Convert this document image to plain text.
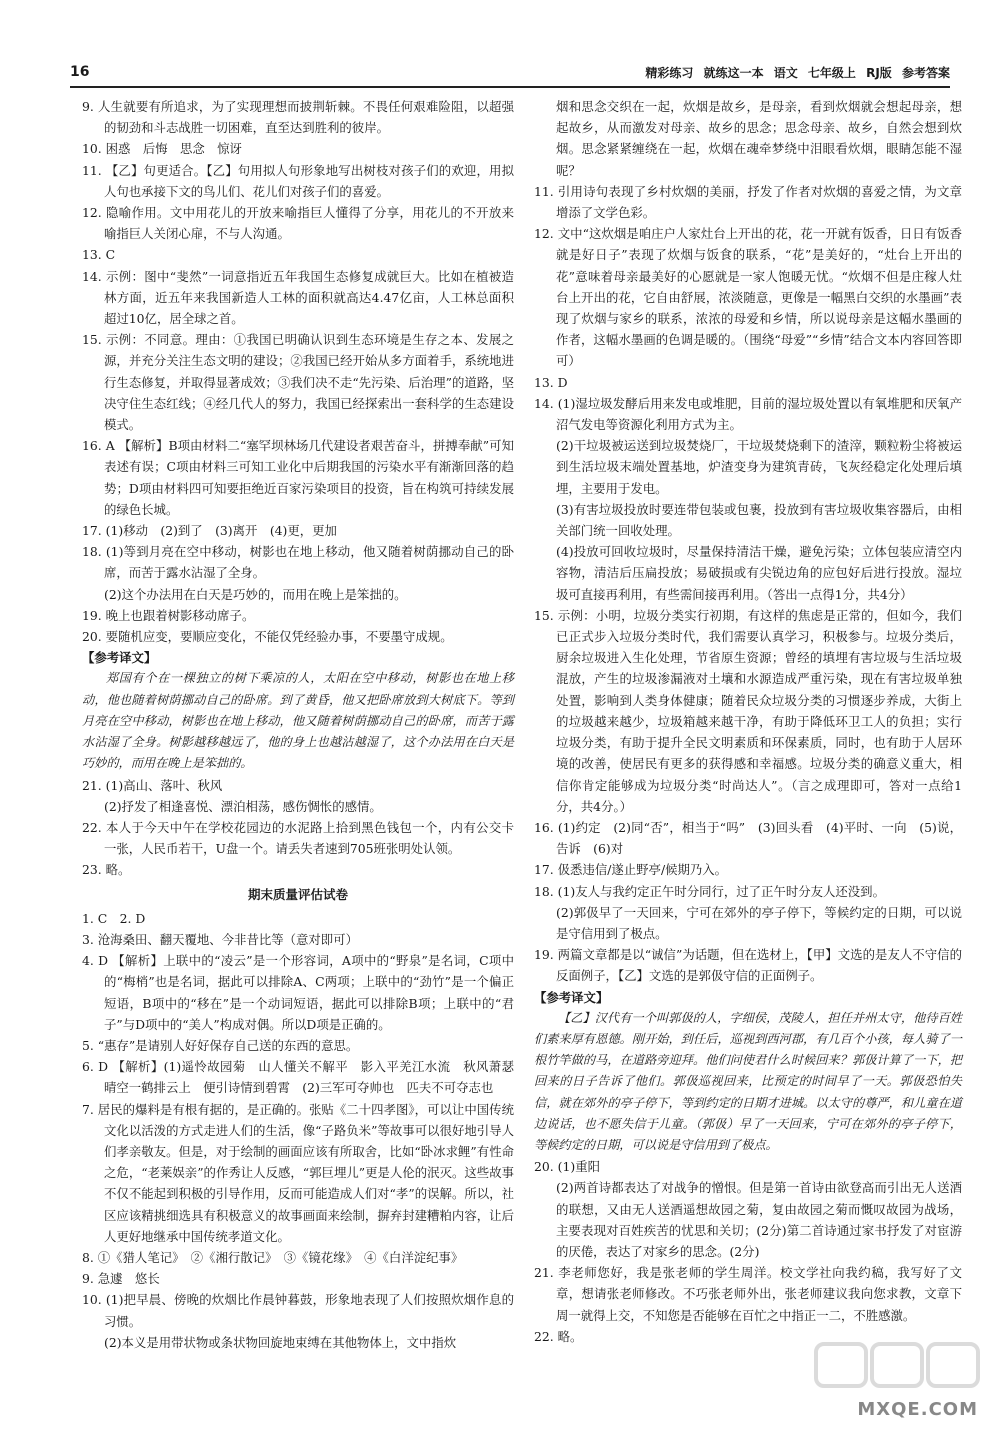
16	精彩练习 就练这一本 语文 七年级上 RJ版 参考答案

9. 人生就要有所追求，为了实现理想而披荆斩棘。不畏任何艰难险阻，以超强的韧劲和斗志战胜一切困难，直至达到胜利的彼岸。

10. 困惑　后悔　思念　惊讶

11. 【乙】句更适合。【乙】句用拟人句形象地写出树枝对孩子们的欢迎，用拟人句也承接下文的鸟儿们、花儿们对孩子们的喜爱。

12. 隐喻作用。文中用花儿的开放来喻指巨人懂得了分享，用花儿的不开放来喻指巨人关闭心扉，不与人沟通。

13. C

14. 示例：图中“斐然”一词意指近五年我国生态修复成就巨大。比如在植被造林方面，近五年来我国新造人工林的面积就高达4.47亿亩，人工林总面积超过10亿，居全球之首。

15. 示例：不同意。理由：①我国已明确认识到生态环境是生存之本、发展之源，并充分关注生态文明的建设；②我国已经开始从多方面着手，系统地进行生态修复，并取得显著成效；③我们决不走“先污染、后治理”的道路，坚决守住生态红线；④经几代人的努力，我国已经探索出一套科学的生态建设模式。

16. A 【解析】B项由材料二“塞罕坝林场几代建设者艰苦奋斗，拼搏奉献”可知表述有误；C项由材料三可知工业化中后期我国的污染水平有渐渐回落的趋势；D项由材料四可知要拒绝近百家污染项目的投资，旨在构筑可持续发展的绿色长城。

17. (1)移动　(2)到了　(3)离开　(4)更，更加

18. (1)等到月亮在空中移动，树影也在地上移动，他又随着树荫挪动自己的卧席，而苦于露水沾湿了全身。

(2)这个办法用在白天是巧妙的，而用在晚上是笨拙的。

19. 晚上也跟着树影移动席子。

20. 要随机应变，要顺应变化，不能仅凭经验办事，不要墨守成规。

【参考译文】

郑国有个在一棵独立的树下乘凉的人，太阳在空中移动，树影也在地上移动，他也随着树荫挪动自己的卧席。到了黄昏，他又把卧席放到大树底下。等到月亮在空中移动，树影也在地上移动，他又随着树荫挪动自己的卧席，而苦于露水沾湿了全身。树影越移越远了，他的身上也越沾越湿了，这个办法用在白天是巧妙的，而用在晚上是笨拙的。

21. (1)高山、落叶、秋风

(2)抒发了相逢喜悦、漂泊相荡，感伤惆怅的感情。

22. 本人于今天中午在学校花园边的水泥路上拾到黑色钱包一个，内有公交卡一张，人民币若干，U盘一个。请丢失者速到705班张明处认领。

23. 略。

期末质量评估试卷

1. C　2. D

3. 沧海桑田、翻天覆地、今非昔比等（意对即可）

4. D 【解析】上联中的“凌云”是一个形容词，A项中的“野泉”是名词，C项中的“梅梢”也是名词，据此可以排除A、C两项；上联中的“劲竹”是一个偏正短语，B项中的“移在”是一个动词短语，据此可以排除B项；上联中的“君子”与D项中的“美人”构成对偶。所以D项是正确的。

5. “惠存”是请别人好好保存自己送的东西的意思。

6. D 【解析】(1)遥怜故园菊　山人懂关不解平　影入平羌江水流　秋风萧瑟　晴空一鹤排云上　便引诗情到碧霄　(2)三军可夺帅也　匹夫不可夺志也

7. 居民的爆料是有根有据的，是正确的。张贴《二十四孝图》，可以让中国传统文化以活泼的方式走进人们的生活，像“子路负米”等故事可以很好地引导人们孝亲敬友。但是，对于绘制的画面应该有所取舍，比如“卧冰求鲤”有性命之危，“老莱娱亲”的作秀让人反感，“郭巨埋儿”更是人伦的泯灭。这些故事不仅不能起到积极的引导作用，反而可能造成人们对“孝”的误解。所以，社区应该精挑细选具有积极意义的故事画面来绘制，摒弃封建糟粕内容，让后人更好地继承中国传统孝道文化。

8. ①《猎人笔记》　②《湘行散记》　③《镜花缘》　④《白洋淀纪事》

9. 急遽　悠长

10. (1)把早晨、傍晚的炊烟比作晨钟暮鼓，形象地表现了人们按照炊烟作息的习惯。

(2)本义是用带状物或条状物回旋地束缚在其他物体上，文中指炊

烟和思念交织在一起，炊烟是故乡，是母亲，看到炊烟就会想起母亲，想起故乡，从而激发对母亲、故乡的思念；思念母亲、故乡，自然会想到炊烟。思念紧紧缠绕在一起，炊烟在魂牵梦绕中泪眼看炊烟，眼睛怎能不湿呢？

11. 引用诗句表现了乡村炊烟的美丽，抒发了作者对炊烟的喜爱之情，为文章增添了文学色彩。

12. 文中“这炊烟是咱庄户人家灶台上开出的花，花一开就有饭香，日日有饭香就是好日子”表现了炊烟与饭食的联系，“花”是美好的，“灶台上开出的花”意味着母亲最美好的心愿就是一家人饱暖无忧。“炊烟不但是庄稼人灶台上开出的花，它自由舒展，浓淡随意，更像是一幅黑白交织的水墨画”表现了炊烟与家乡的联系，浓浓的母爱和乡情，所以说母亲是这幅水墨画的作者，这幅水墨画的色调是暖的。（围绕“母爱”“乡情”结合文本内容回答即可）

13. D

14. (1)湿垃圾发酵后用来发电或堆肥，目前的湿垃圾处置以有氧堆肥和厌氧产沼气发电等资源化利用方式为主。

(2)干垃圾被运送到垃圾焚烧厂，干垃圾焚烧剩下的渣滓，颗粒粉尘将被运到生活垃圾末端处置基地，炉渣变身为建筑青砖，飞灰经稳定化处理后填埋，主要用于发电。

(3)有害垃圾投放时要连带包装或包裹，投放到有害垃圾收集容器后，由相关部门统一回收处理。

(4)投放可回收垃圾时，尽量保持清洁干燥，避免污染；立体包装应清空内容物，清洁后压扁投放；易破损或有尖锐边角的应包好后进行投放。湿垃圾可直接再利用，有些需间接再利用。（答出一点得1分，共4分）

15. 示例：小明，垃圾分类实行初期，有这样的焦虑是正常的，但如今，我们已正式步入垃圾分类时代，我们需要认真学习，积极参与。垃圾分类后，厨余垃圾进入生化处理，节省原生资源；曾经的填埋有害垃圾与生活垃圾混放，产生的垃圾渗漏液对土壤和水源造成严重污染，现在有害垃圾单独处置，影响到人类身体健康；随着民众垃圾分类的习惯逐步养成，大街上的垃圾越来越少，垃圾箱越来越干净，有助于降低环卫工人的负担；实行垃圾分类，有助于提升全民文明素质和环保素质，同时，也有助于人居环境的改善，使居民有更多的获得感和幸福感。垃圾分类的确意义重大，相信你肯定能够成为垃圾分类“时尚达人”。（言之成理即可，答对一点给1分，共4分。）

16. (1)约定　(2)同“否”，相当于“吗”　(3)回头看　(4)平时、一向　(5)说，告诉　(6)对

17. 伋悉违信/遂止野亭/候期乃入。

18. (1)友人与我约定正午时分同行，过了正午时分友人还没到。

(2)郭伋早了一天回来，宁可在郊外的亭子停下，等候约定的日期，可以说是守信用到了极点。

19. 两篇文章都是以“诚信”为话题，但在选材上，【甲】文选的是友人不守信的反面例子，【乙】文选的是郭伋守信的正面例子。

【参考译文】

【乙】汉代有一个叫郭伋的人，字细侯，茂陵人，担任并州太守，他待百姓们素来厚有恩德。刚开始，到任后，巡视到西河郡，有几百个小孩，每人骑了一根竹竿做的马，在道路旁迎拜。他们问使君什么时候回来？郭伋计算了一下，把回来的日子告诉了他们。郭伋巡视回来，比预定的时间早了一天。郭伋恐怕失信，就在郊外的亭子停下，等到约定的日期才进城。以太守的尊严，和儿童在道边说话，也不愿失信于儿童。（郭伋）早了一天回来，宁可在郊外的亭子停下，等候约定的日期，可以说是守信用到了极点。

20. (1)重阳

(2)两首诗都表达了对战争的憎恨。但是第一首诗由欲登高而引出无人送酒的联想，又由无人送酒遥想故园之菊，复由故园之菊而慨叹故园为战场，主要表现对百姓疾苦的忧思和关切；(2分)第二首诗通过家书抒发了对宦游的厌倦，表达了对家乡的思念。(2分)

21. 李老师您好，我是张老师的学生周洋。校文学社向我约稿，我写好了文章，想请张老师修改。不巧张老师外出，张老师建议我向您求教，文章下周一就得上交，不知您是否能够在百忙之中指正一二，不胜感激。

22. 略。

MXQE.COM
